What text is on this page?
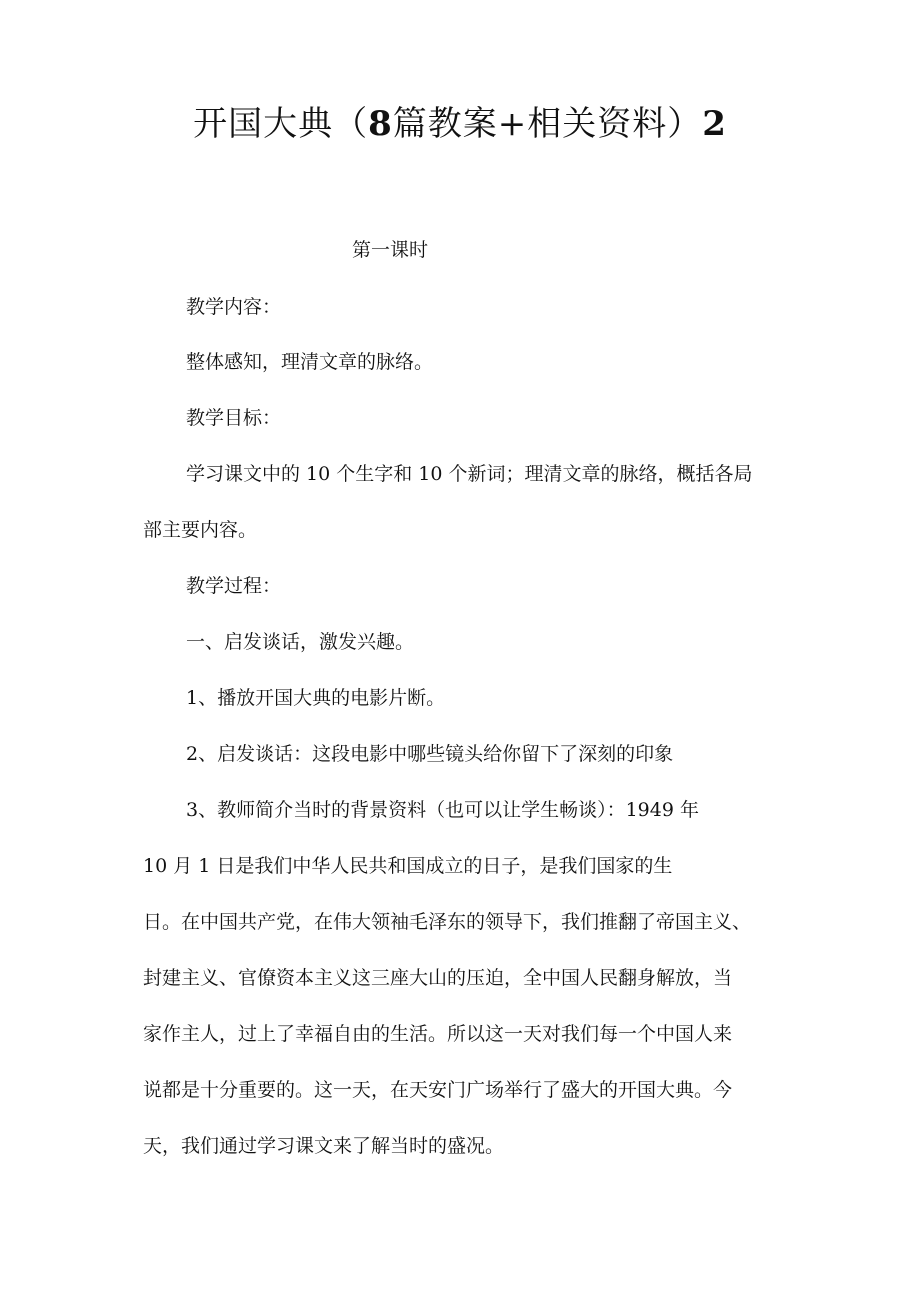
开国大典（8篇教案+相关资料）2

第一课时

教学内容：

整体感知，理清文章的脉络。

教学目标：

学习课文中的 10 个生字和 10 个新词；理清文章的脉络，概括各局

部主要内容。

教学过程：

一、启发谈话，激发兴趣。

1、播放开国大典的电影片断。

2、启发谈话：这段电影中哪些镜头给你留下了深刻的印象

3、教师简介当时的背景资料（也可以让学生畅谈）：1949 年

10 月 1 日是我们中华人民共和国成立的日子，是我们国家的生

日。在中国共产党，在伟大领袖毛泽东的领导下，我们推翻了帝国主义、

封建主义、官僚资本主义这三座大山的压迫，全中国人民翻身解放，当

家作主人，过上了幸福自由的生活。所以这一天对我们每一个中国人来

说都是十分重要的。这一天，在天安门广场举行了盛大的开国大典。今

天，我们通过学习课文来了解当时的盛况。
